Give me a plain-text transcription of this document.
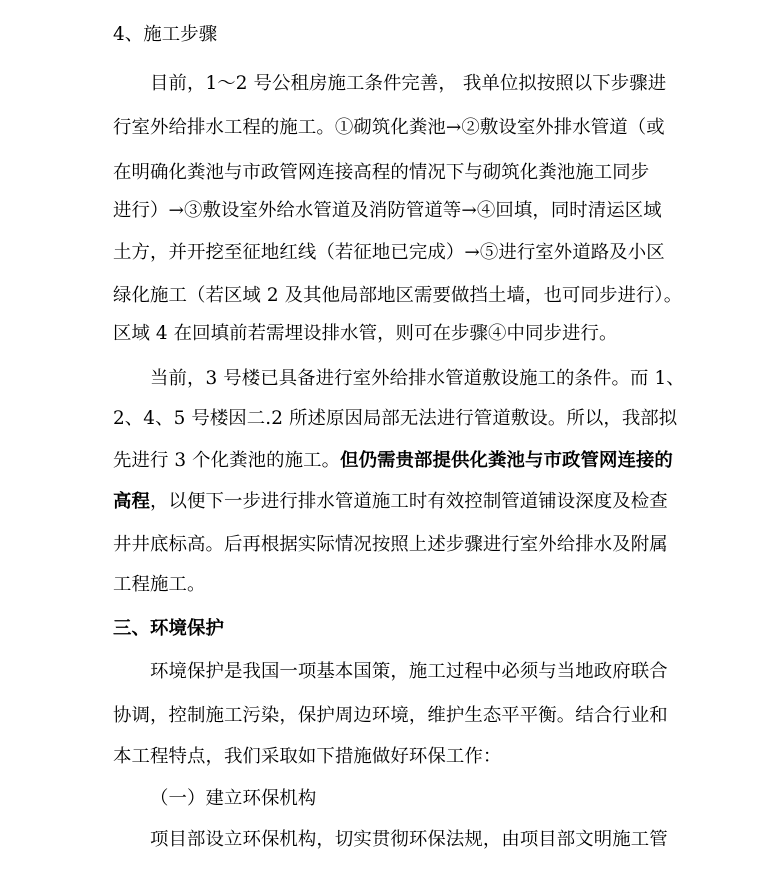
4、施工步骤
目前，1～2 号公租房施工条件完善， 我单位拟按照以下步骤进
行室外给排水工程的施工。①砌筑化粪池→②敷设室外排水管道（或
在明确化粪池与市政管网连接高程的情况下与砌筑化粪池施工同步
进行）→③敷设室外给水管道及消防管道等→④回填，同时清运区域
土方，并开挖至征地红线（若征地已完成）→⑤进行室外道路及小区
绿化施工（若区域 2 及其他局部地区需要做挡土墙，也可同步进行）。
区域 4 在回填前若需埋设排水管，则可在步骤④中同步进行。
当前，3 号楼已具备进行室外给排水管道敷设施工的条件。而 1、
2、4、5 号楼因二.2 所述原因局部无法进行管道敷设。所以，我部拟
先进行 3 个化粪池的施工。但仍需贵部提供化粪池与市政管网连接的
高程，以便下一步进行排水管道施工时有效控制管道铺设深度及检查
井井底标高。后再根据实际情况按照上述步骤进行室外给排水及附属
工程施工。
三、环境保护
环境保护是我国一项基本国策，施工过程中必须与当地政府联合
协调，控制施工污染，保护周边环境，维护生态平平衡。结合行业和
本工程特点，我们采取如下措施做好环保工作：
（一）建立环保机构
项目部设立环保机构，切实贯彻环保法规，由项目部文明施工管
